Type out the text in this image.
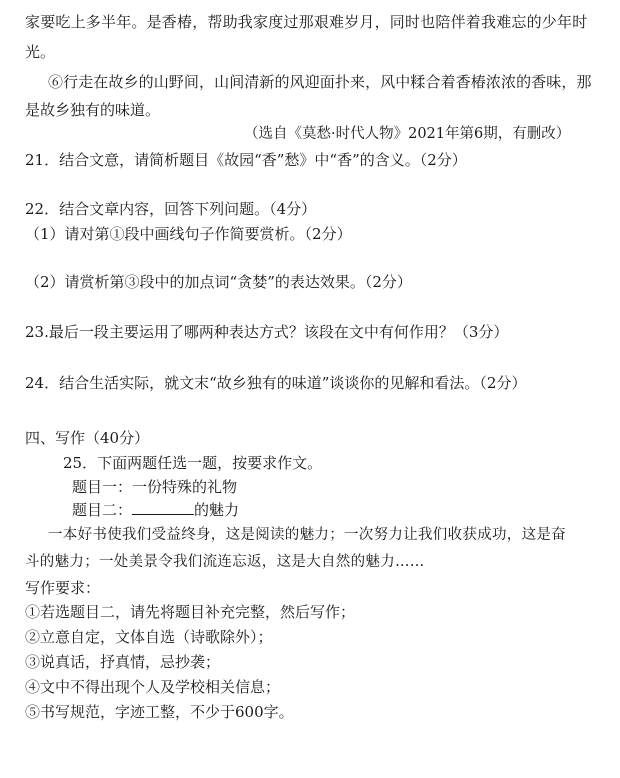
家要吃上多半年。是香椿，帮助我家度过那艰难岁月，同时也陪伴着我难忘的少年时
光。
⑥行走在故乡的山野间，山间清新的风迎面扑来，风中糅合着香椿浓浓的香味，那
是故乡独有的味道。
（选自《莫愁·时代人物》2021年第6期，有删改）
21．结合文意，请简析题目《故园“香”愁》中“香”的含义。（2分）
22．结合文章内容，回答下列问题。（4分）
（1）请对第①段中画线句子作简要赏析。（2分）
（2）请赏析第③段中的加点词“贪婪”的表达效果。（2分）
23.最后一段主要运用了哪两种表达方式？该段在文中有何作用？（3分）
24．结合生活实际，就文末“故乡独有的味道”谈谈你的见解和看法。（2分）
四、写作（40分）
25．下面两题任选一题，按要求作文。
题目一：一份特殊的礼物
题目二：	的魅力
一本好书使我们受益终身，这是阅读的魅力；一次努力让我们收获成功，这是奋
斗的魅力；一处美景令我们流连忘返，这是大自然的魅力……
写作要求：
①若选题目二，请先将题目补充完整，然后写作；
②立意自定，文体自选（诗歌除外）；
③说真话，抒真情，忌抄袭；
④文中不得出现个人及学校相关信息；
⑤书写规范，字迹工整，不少于600字。
